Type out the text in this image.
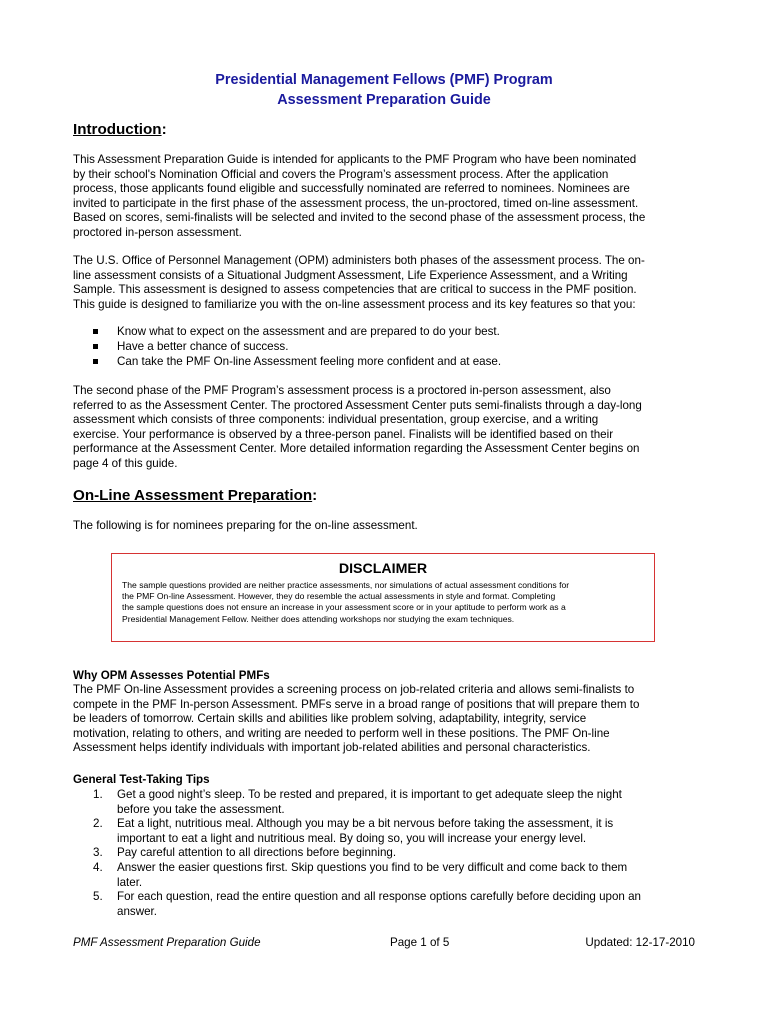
Presidential Management Fellows (PMF) Program

Assessment Preparation Guide

Introduction:

This Assessment Preparation Guide is intended for applicants to the PMF Program who have been nominated
by their school's Nomination Official and covers the Program’s assessment process. After the application
process, those applicants found eligible and successfully nominated are referred to nominees. Nominees are
invited to participate in the first phase of the assessment process, the un-proctored, timed on-line assessment.
Based on scores, semi-finalists will be selected and invited to the second phase of the assessment process, the
proctored in-person assessment.
The U.S. Office of Personnel Management (OPM) administers both phases of the assessment process. The on-
line assessment consists of a Situational Judgment Assessment, Life Experience Assessment, and a Writing
Sample. This assessment is designed to assess competencies that are critical to success in the PMF position.
This guide is designed to familiarize you with the on-line assessment process and its key features so that you:
Know what to expect on the assessment and are prepared to do your best.
Have a better chance of success.
Can take the PMF On-line Assessment feeling more confident and at ease.
The second phase of the PMF Program’s assessment process is a proctored in-person assessment, also
referred to as the Assessment Center. The proctored Assessment Center puts semi-finalists through a day-long
assessment which consists of three components: individual presentation, group exercise, and a writing
exercise. Your performance is observed by a three-person panel. Finalists will be identified based on their
performance at the Assessment Center. More detailed information regarding the Assessment Center begins on
page 4 of this guide.

On-Line Assessment Preparation:

The following is for nominees preparing for the on-line assessment.
DISCLAIMER
The sample questions provided are neither practice assessments, nor simulations of actual assessment conditions for
the PMF On-line Assessment. However, they do resemble the actual assessments in style and format. Completing
the sample questions does not ensure an increase in your assessment score or in your aptitude to perform work as a
Presidential Management Fellow. Neither does attending workshops nor studying the exam techniques.

Why OPM Assesses Potential PMFs

The PMF On-line Assessment provides a screening process on job-related criteria and allows semi-finalists to
compete in the PMF In-person Assessment. PMFs serve in a broad range of positions that will prepare them to
be leaders of tomorrow. Certain skills and abilities like problem solving, adaptability, integrity, service
motivation, relating to others, and writing are needed to perform well in these positions. The PMF On-line
Assessment helps identify individuals with important job-related abilities and personal characteristics.

General Test-Taking Tips

1. Get a good night’s sleep. To be rested and prepared, it is important to get adequate sleep the night
before you take the assessment.
2. Eat a light, nutritious meal. Although you may be a bit nervous before taking the assessment, it is
important to eat a light and nutritious meal. By doing so, you will increase your energy level.
3. Pay careful attention to all directions before beginning.
4. Answer the easier questions first. Skip questions you find to be very difficult and come back to them
later.
5. For each question, read the entire question and all response options carefully before deciding upon an
answer.
PMF Assessment Preparation Guide	Page 1 of 5	Updated: 12-17-2010
